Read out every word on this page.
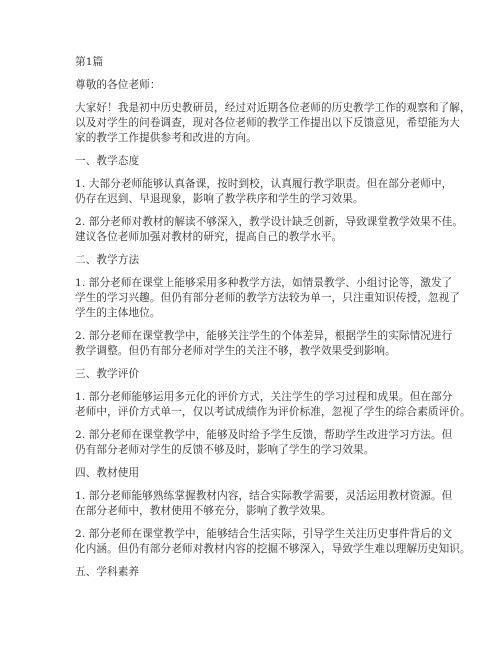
第1篇
尊敬的各位老师：
大家好！我是初中历史教研员，经过对近期各位老师的历史教学工作的观察和了解，
以及对学生的问卷调查，现对各位老师的教学工作提出以下反馈意见，希望能为大
家的教学工作提供参考和改进的方向。
一、教学态度
1. 大部分老师能够认真备课，按时到校，认真履行教学职责。但在部分老师中，
仍存在迟到、早退现象，影响了教学秩序和学生的学习效果。
2. 部分老师对教材的解读不够深入，教学设计缺乏创新，导致课堂教学效果不佳。
建议各位老师加强对教材的研究，提高自己的教学水平。
二、教学方法
1. 部分老师在课堂上能够采用多种教学方法，如情景教学、小组讨论等，激发了
学生的学习兴趣。但仍有部分老师的教学方法较为单一，只注重知识传授，忽视了
学生的主体地位。
2. 部分老师在课堂教学中，能够关注学生的个体差异，根据学生的实际情况进行
教学调整。但仍有部分老师对学生的关注不够，教学效果受到影响。
三、教学评价
1. 部分老师能够运用多元化的评价方式，关注学生的学习过程和成果。但在部分
老师中，评价方式单一，仅以考试成绩作为评价标准，忽视了学生的综合素质评价。
2. 部分老师在课堂教学中，能够及时给予学生反馈，帮助学生改进学习方法。但
仍有部分老师对学生的反馈不够及时，影响了学生的学习效果。
四、教材使用
1. 部分老师能够熟练掌握教材内容，结合实际教学需要，灵活运用教材资源。但
在部分老师中，教材使用不够充分，影响了教学效果。
2. 部分老师在课堂教学中，能够结合生活实际，引导学生关注历史事件背后的文
化内涵。但仍有部分老师对教材内容的挖掘不够深入，导致学生难以理解历史知识。
五、学科素养
